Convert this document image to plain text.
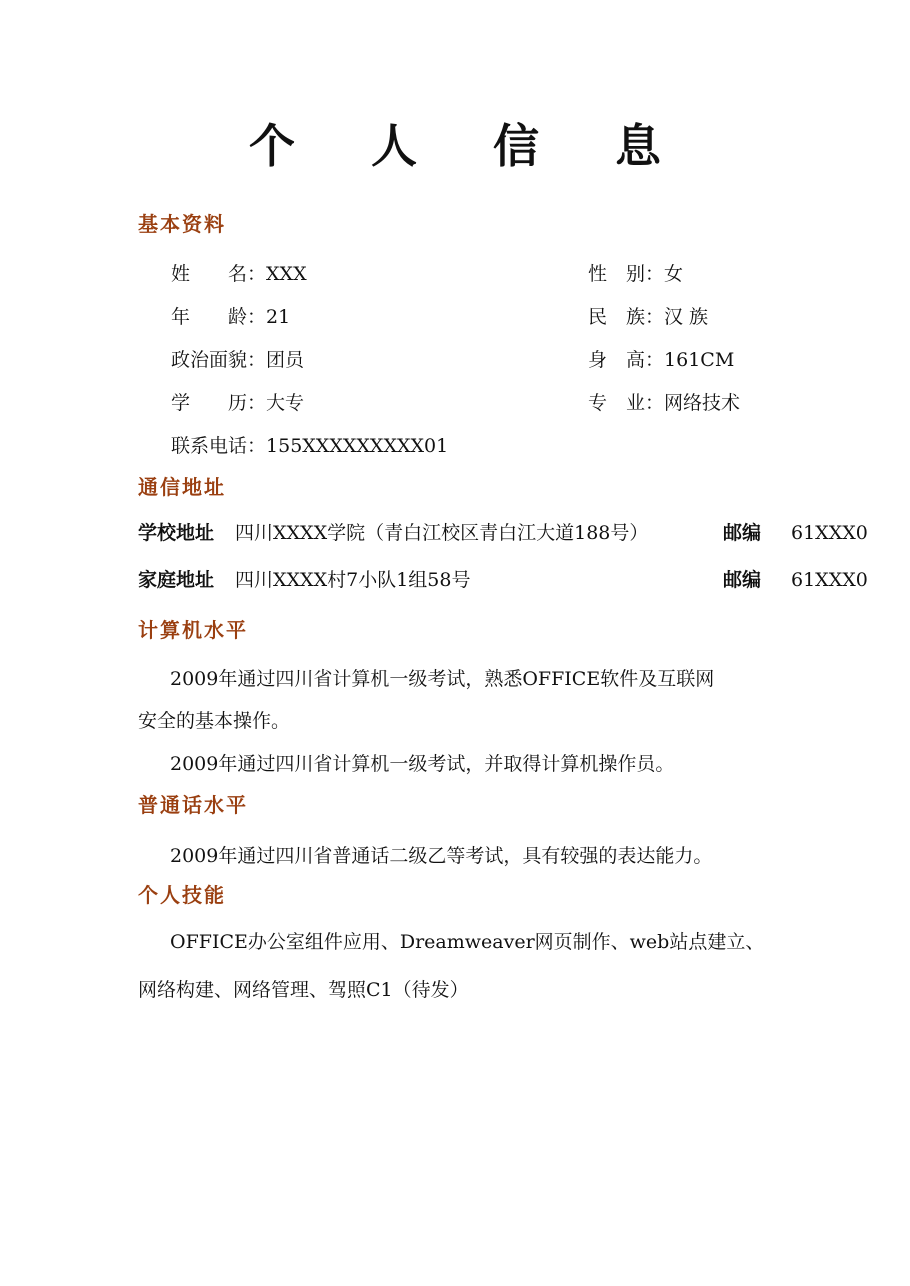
个 人 信 息
基本资料
姓　　名：XXX	性　别：女
年　　龄：21	民　族：汉 族
政治面貌：团员	身　高：161CM
学　　历：大专	专　业：网络技术
联系电话：155XXXXXXXXX01
通信地址
学校地址 四川XXXX学院（青白江校区青白江大道188号）	邮编 61XXX0
家庭地址 四川XXXX村7小队1组58号	邮编 61XXX0
计算机水平
2009年通过四川省计算机一级考试，熟悉OFFICE软件及互联网
安全的基本操作。
2009年通过四川省计算机一级考试，并取得计算机操作员。
普通话水平
2009年通过四川省普通话二级乙等考试，具有较强的表达能力。
个人技能
OFFICE办公室组件应用、Dreamweaver网页制作、web站点建立、
网络构建、网络管理、驾照C1（待发）
